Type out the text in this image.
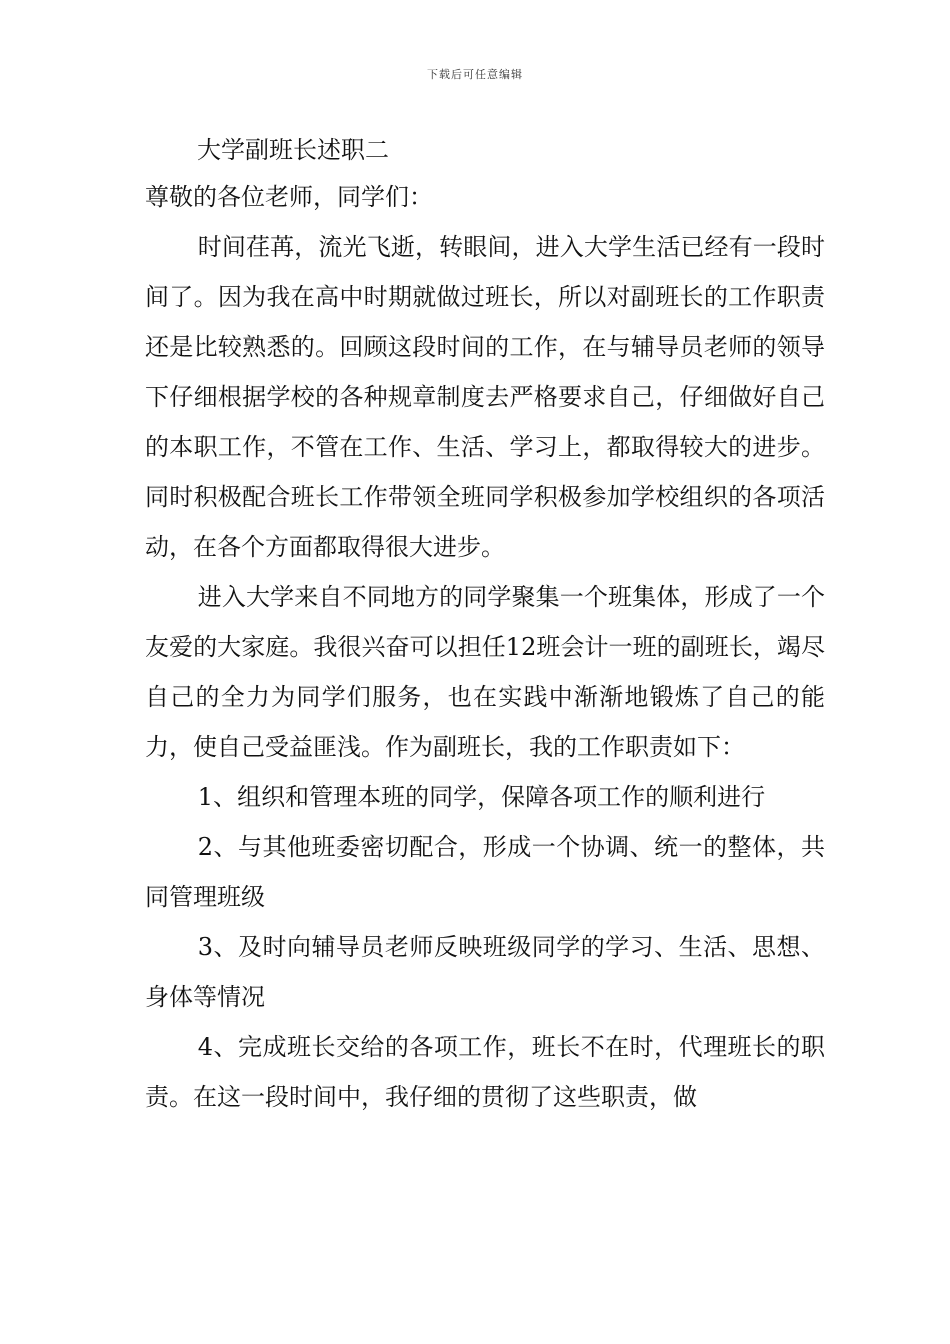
下载后可任意编辑
大学副班长述职二

尊敬的各位老师，同学们：

时间荏苒，流光飞逝，转眼间，进入大学生活已经有一段时间了。因为我在高中时期就做过班长，所以对副班长的工作职责还是比较熟悉的。回顾这段时间的工作，在与辅导员老师的领导下仔细根据学校的各种规章制度去严格要求自己，仔细做好自己的本职工作，不管在工作、生活、学习上，都取得较大的进步。同时积极配合班长工作带领全班同学积极参加学校组织的各项活动，在各个方面都取得很大进步。

进入大学来自不同地方的同学聚集一个班集体，形成了一个友爱的大家庭。我很兴奋可以担任12班会计一班的副班长，竭尽自己的全力为同学们服务，也在实践中渐渐地锻炼了自己的能力，使自己受益匪浅。作为副班长，我的工作职责如下：

1、组织和管理本班的同学，保障各项工作的顺利进行

2、与其他班委密切配合，形成一个协调、统一的整体，共同管理班级

3、及时向辅导员老师反映班级同学的学习、生活、思想、身体等情况

4、完成班长交给的各项工作，班长不在时，代理班长的职责。在这一段时间中，我仔细的贯彻了这些职责，做
